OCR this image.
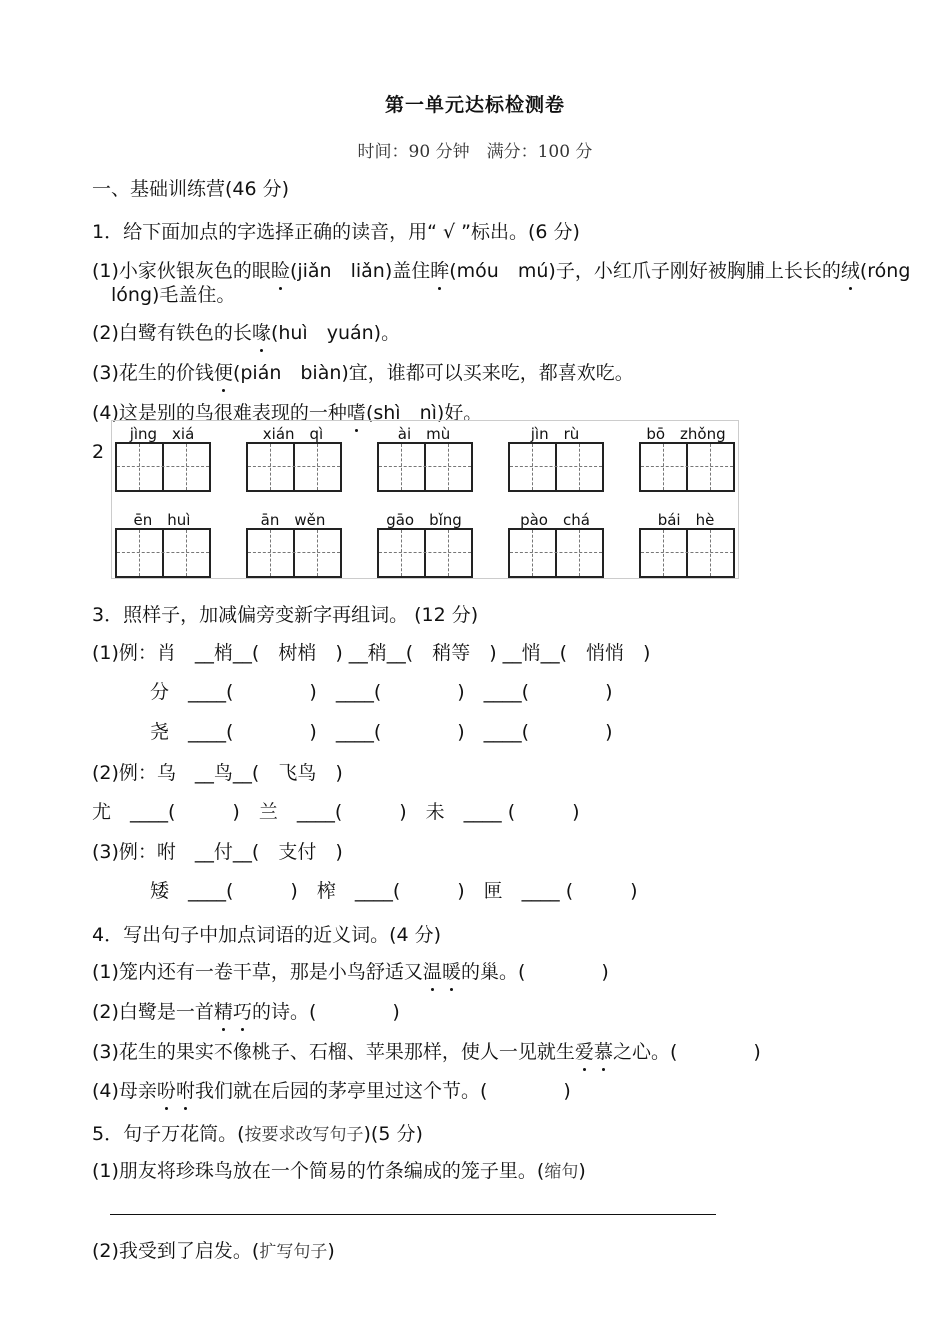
第一单元达标检测卷
时间：90 分钟　满分：100 分
一、基础训练营(46 分)
1．给下面加点的字选择正确的读音，用“ √ ”标出。(6 分)
(1)小家伙银灰色的眼睑(jiǎn　liǎn)盖住眸(móu　mú)子，小红爪子刚好被胸脯上长长的绒(róng
lóng)毛盖住。
(2)白鹭有铁色的长喙(huì　yuán)。
(3)花生的价钱便(pián　biàn)宜，谁都可以买来吃，都喜欢吃。
(4)这是别的鸟很难表现的一种嗜(shì　nì)好。
2
jìng　xiá	xián　qì	ài　mù	jìn　rù	bō　zhǒng
ēn　huì	ān　wěn	gāo　bǐng	pào　chá	bái　hè
3．照样子，加减偏旁变新字再组词。 (12 分)
(1)例：肖　__梢__(　树梢　) __稍__(　稍等　) __悄__(　悄悄　)
分　____(　　　　)　____(　　　　)　____(　　　　)
尧　____(　　　　)　____(　　　　)　____(　　　　)
(2)例：乌　__鸟__(　飞鸟　)
尤　____(　　　)　兰　____(　　　)　未　____ (　　　)
(3)例：咐　__付__(　支付　)
矮　____(　　　)　榨　____(　　　)　匣　____ (　　　)
4．写出句子中加点词语的近义词。(4 分)
(1)笼内还有一卷干草，那是小鸟舒适又温暖的巢。(　　　　)
(2)白鹭是一首精巧的诗。(　　　　)
(3)花生的果实不像桃子、石榴、苹果那样，使人一见就生爱慕之心。(　　　　)
(4)母亲吩咐我们就在后园的茅亭里过这个节。(　　　　)
5．句子万花筒。(按要求改写句子)(5 分)
(1)朋友将珍珠鸟放在一个简易的竹条编成的笼子里。(缩句)
(2)我受到了启发。(扩写句子)
